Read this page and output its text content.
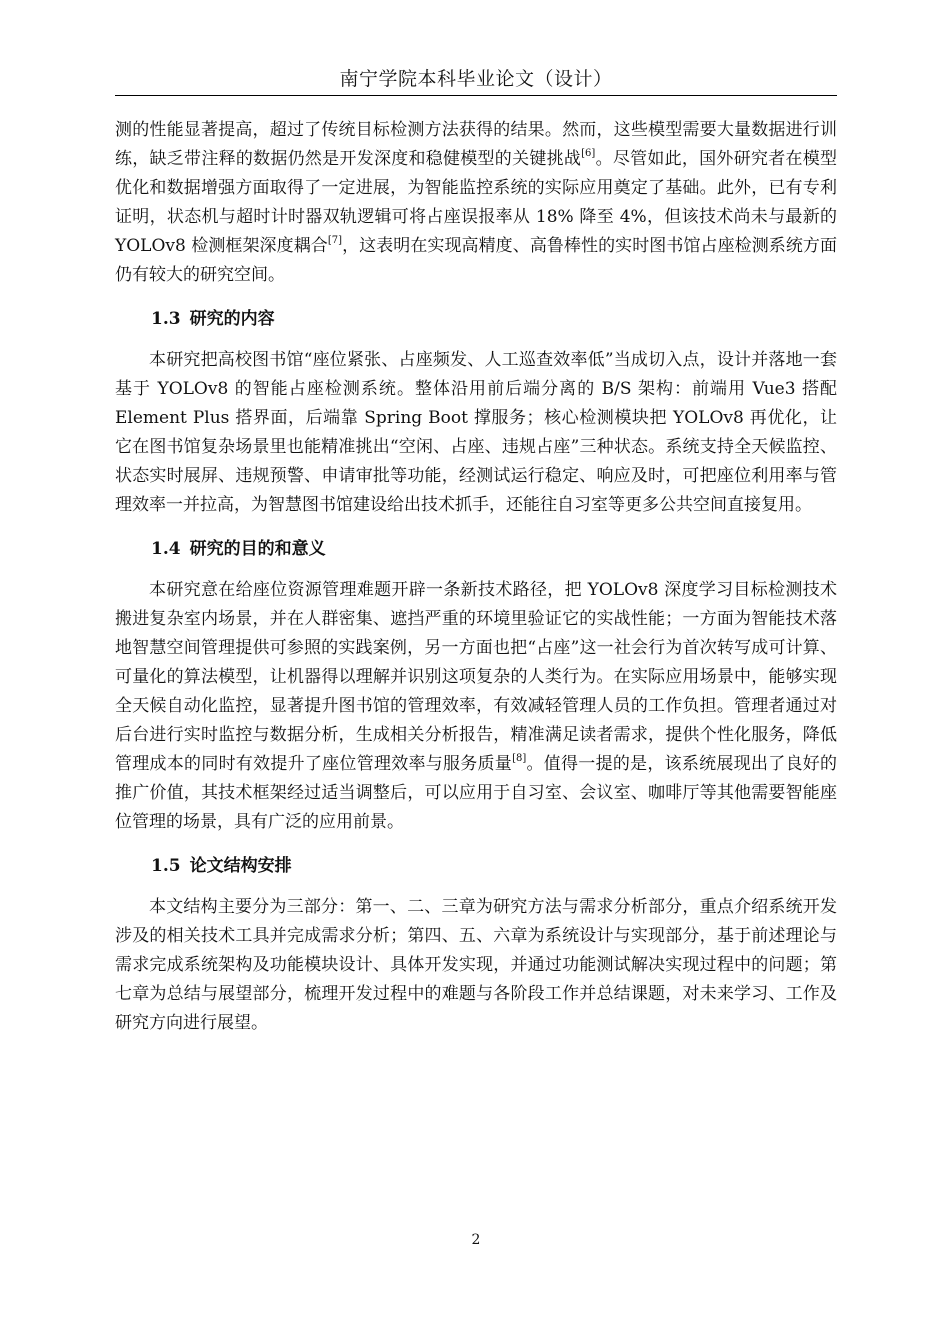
南宁学院本科毕业论文（设计）

测的性能显著提高，超过了传统目标检测方法获得的结果。然而，这些模型需要大量数据进行训练，缺乏带注释的数据仍然是开发深度和稳健模型的关键挑战[6]。尽管如此，国外研究者在模型优化和数据增强方面取得了一定进展，为智能监控系统的实际应用奠定了基础。此外，已有专利证明，状态机与超时计时器双轨逻辑可将占座误报率从 18% 降至 4%，但该技术尚未与最新的 YOLOv8 检测框架深度耦合[7]，这表明在实现高精度、高鲁棒性的实时图书馆占座检测系统方面仍有较大的研究空间。

1.3 研究的内容

本研究把高校图书馆“座位紧张、占座频发、人工巡查效率低”当成切入点，设计并落地一套基于 YOLOv8 的智能占座检测系统。整体沿用前后端分离的 B/S 架构：前端用 Vue3 搭配 Element Plus 搭界面，后端靠 Spring Boot 撑服务；核心检测模块把 YOLOv8 再优化，让它在图书馆复杂场景里也能精准挑出“空闲、占座、违规占座”三种状态。系统支持全天候监控、状态实时展屏、违规预警、申请审批等功能，经测试运行稳定、响应及时，可把座位利用率与管理效率一并拉高，为智慧图书馆建设给出技术抓手，还能往自习室等更多公共空间直接复用。

1.4 研究的目的和意义

本研究意在给座位资源管理难题开辟一条新技术路径，把 YOLOv8 深度学习目标检测技术搬进复杂室内场景，并在人群密集、遮挡严重的环境里验证它的实战性能；一方面为智能技术落地智慧空间管理提供可参照的实践案例，另一方面也把“占座”这一社会行为首次转写成可计算、可量化的算法模型，让机器得以理解并识别这项复杂的人类行为。在实际应用场景中，能够实现全天候自动化监控，显著提升图书馆的管理效率，有效减轻管理人员的工作负担。管理者通过对后台进行实时监控与数据分析，生成相关分析报告，精准满足读者需求，提供个性化服务，降低管理成本的同时有效提升了座位管理效率与服务质量[8]。值得一提的是，该系统展现出了良好的推广价值，其技术框架经过适当调整后，可以应用于自习室、会议室、咖啡厅等其他需要智能座位管理的场景，具有广泛的应用前景。

1.5 论文结构安排

本文结构主要分为三部分：第一、二、三章为研究方法与需求分析部分，重点介绍系统开发涉及的相关技术工具并完成需求分析；第四、五、六章为系统设计与实现部分，基于前述理论与需求完成系统架构及功能模块设计、具体开发实现，并通过功能测试解决实现过程中的问题；第七章为总结与展望部分，梳理开发过程中的难题与各阶段工作并总结课题，对未来学习、工作及研究方向进行展望。

2
